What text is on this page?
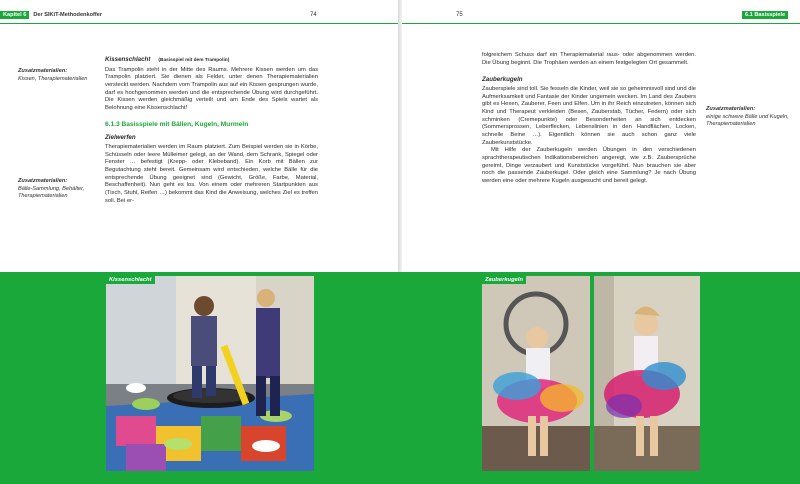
Kapitel 6	Der SIKiT-Methodenkoffer	74
Zusatzmaterialien:
Kissen, Therapiematerialien
Zusatzmaterialien:
Bälle-Sammlung, Behälter, Therapiematerialien
Kissenschlacht (Basisspiel mit dem Trampolin)
Das Trampolin steht in der Mitte des Raums. Mehrere Kissen werden um das Trampolin platziert. Sie dienen als Felder, unter denen Therapiematerialien versteckt werden. Nachdem vom Trampolin aus auf ein Kissen gesprungen wurde, darf es hochgenommen werden und die entsprechende Übung wird durchgeführt. Die Kissen werden gleichmäßig verteilt und am Ende des Spiels wartet als Belohnung eine Kissenschlacht!
6.1.3 Basisspiele mit Bällen, Kugeln, Murmeln
Zielwerfen
Therapiematerialien werden im Raum platziert. Zum Beispiel werden sie in Körbe, Schüsseln oder leere Mülleimer gelegt, an der Wand, dem Schrank, Spiegel oder Fenster … befestigt (Krepp- oder Klebeband). Ein Korb mit Bällen zur Begutachtung steht bereit. Gemeinsam wird entschieden, welche Bälle für die entsprechende Übung geeignet sind (Gewicht, Größe, Farbe, Material, Beschaffenheit). Nun geht es los. Von einem oder mehreren Startpunkten aus (Tisch, Stuhl, Reifen …) bekommt das Kind die Anweisung, welches Ziel es treffen soll. Bei er-
75	6.1 Basisspiele
folgreichem Schuss darf ein Therapiematerial raus- oder abgenommen werden. Die Übung beginnt. Die Trophäen werden an einem festgelegten Ort gesammelt.
Zauberkugeln
Zauberspiele sind toll. Sie fesseln die Kinder, weil sie so geheimnisvoll sind und die Aufmerksamkeit und Fantasie der Kinder ungemein wecken. Im Land des Zaubers gibt es Hexen, Zauberer, Feen und Elfen. Um in ihr Reich einzutreten, können sich Kind und Therapeut verkleiden (Besen, Zauberstab, Tücher, Federn) oder sich schminken (Cremepunkte) oder Besonderheiten an sich entdecken (Sommersprossen, Leberflecken, Lebenslinien in den Handflächen, Locken, schnelle Beine …). Eigentlich können sie auch schon ganz viele Zauberkunststücke.
Mit Hilfe der Zauberkugeln werden Übungen in den verschiedenen sprachtherapeutischen Indikationsbereichen angeregt, wie z.B. Zaubersprüche gereimt, Dinge verzaubert und Kunststücke vorgeführt. Nun brauchen sie aber noch die passende Zauberkugel. Oder gleich eine Sammlung? Je nach Übung werden eine oder mehrere Kugeln ausgesucht und bereit gelegt.
Zusatzmaterialien:
einige schwere Bälle und Kugeln, Therapiematerialien
Kissenschlacht	Zauberkugeln
